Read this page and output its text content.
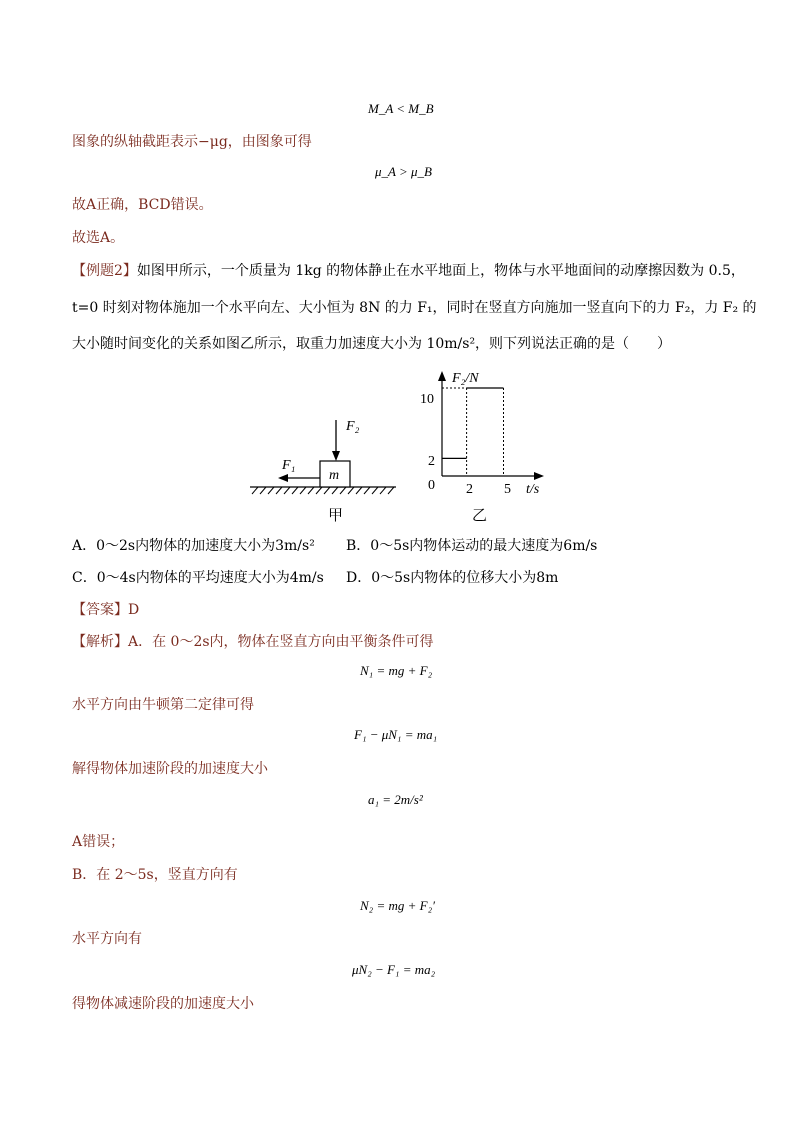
M_A < M_B
图象的纵轴截距表示−μg，由图象可得
μ_A > μ_B
故A正确，BCD错误。
故选A。
【例题2】如图甲所示，一个质量为 1kg 的物体静止在水平地面上，物体与水平地面间的动摩擦因数为 0.5，
t=0 时刻对物体施加一个水平向左、大小恒为 8N 的力 F₁，同时在竖直方向施加一竖直向下的力 F₂，力 F₂ 的
大小随时间变化的关系如图乙所示，取重力加速度大小为 10m/s²，则下列说法正确的是（　　）
m
F₁
F₂
甲
F₂/N
t/s
0
10
2
2 5
乙
A．0～2s内物体的加速度大小为3m/s² B．0～5s内物体运动的最大速度为6m/s
C．0～4s内物体的平均速度大小为4m/s D．0～5s内物体的位移大小为8m
【答案】D
【解析】A．在 0～2s内，物体在竖直方向由平衡条件可得
N₁ = mg + F₂
水平方向由牛顿第二定律可得
F₁ − μN₁ = ma₁
解得物体加速阶段的加速度大小
a₁ = 2m/s²
A错误；
B．在 2～5s，竖直方向有
N₂ = mg + F₂′
水平方向有
μN₂ − F₁ = ma₂
得物体减速阶段的加速度大小
